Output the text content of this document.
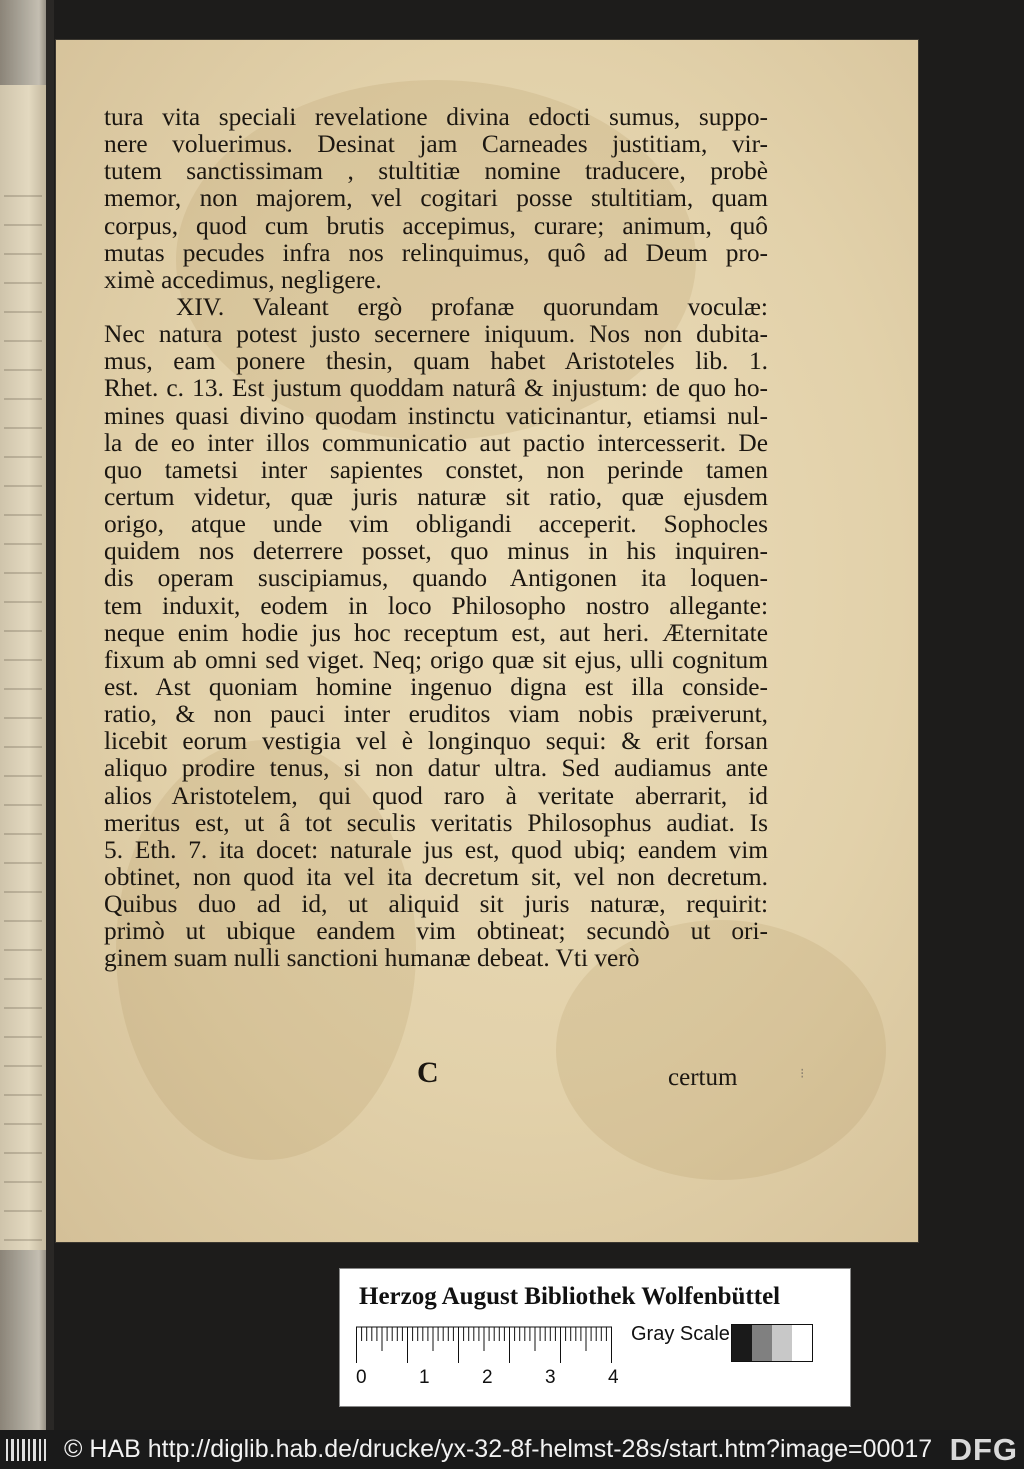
tura vita speciali revelatione divina edocti sumus, suppo-
nere voluerimus. Desinat jam Carneades justitiam, vir-
tutem sanctissimam , stultitiæ nomine traducere, probè
memor, non majorem, vel cogitari posse stultitiam, quam
corpus, quod cum brutis accepimus, curare; animum, quô
mutas pecudes infra nos relinquimus, quô ad Deum pro-
ximè accedimus, negligere.
XIV. Valeant ergò profanæ quorundam voculæ:
Nec natura potest justo secernere iniquum. Nos non dubita-
mus, eam ponere thesin, quam habet Aristoteles lib. 1.
Rhet. c. 13. Est justum quoddam naturâ & injustum: de quo ho-
mines quasi divino quodam instinctu vaticinantur, etiamsi nul-
la de eo inter illos communicatio aut pactio intercesserit. De
quo tametsi inter sapientes constet, non perinde tamen
certum videtur, quæ juris naturæ sit ratio, quæ ejusdem
origo, atque unde vim obligandi acceperit. Sophocles
quidem nos deterrere posset, quo minus in his inquiren-
dis operam suscipiamus, quando Antigonen ita loquen-
tem induxit, eodem in loco Philosopho nostro allegante:
neque enim hodie jus hoc receptum est, aut heri. Æternitate
fixum ab omni sed viget. Neq; origo quæ sit ejus, ulli cognitum
est. Ast quoniam homine ingenuo digna est illa conside-
ratio, & non pauci inter eruditos viam nobis præiverunt,
licebit eorum vestigia vel è longinquo sequi: & erit forsan
aliquo prodire tenus, si non datur ultra. Sed audiamus ante
alios Aristotelem, qui quod raro à veritate aberrarit, id
meritus est, ut â tot seculis veritatis Philosophus audiat. Is
5. Eth. 7. ita docet: naturale jus est, quod ubiq; eandem vim
obtinet, non quod ita vel ita decretum sit, vel non decretum.
Quibus duo ad id, ut aliquid sit juris naturæ, requirit:
primò ut ubique eandem vim obtineat; secundò ut ori-
ginem suam nulli sanctioni humanæ debeat. Vti verò
C	certum	⁝
Herzog August Bibliothek Wolfenbüttel
0	1	2	3	4
Gray Scale
© HAB http://diglib.hab.de/drucke/yx-32-8f-helmst-28s/start.htm?image=00017 DFG
